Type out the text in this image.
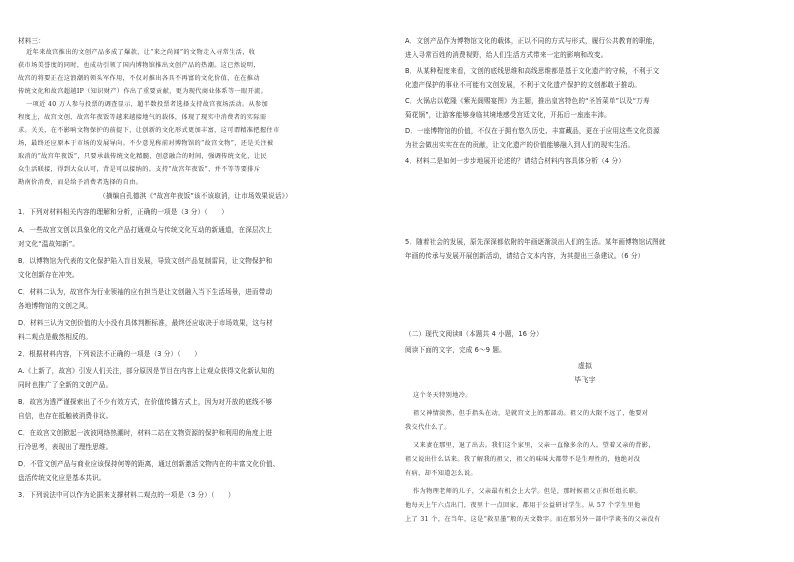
材料三：
近年来故宫推出的文创产品多成了爆款，让“来之尚闻”的文物走入寻常生活，收
获市场美誉度的同时，也成功引领了国内博物馆推出文创产品的热潮。这已然说明，
故宫的将要正在这浪潮的领头军作用，不仅对推出各具不再富的文化价值，在在推动
传统文化和故宫超越IP（知识财产）作出了重要贡献，更为现代商业体系等一眼开流。
一项近 40 万人参与投票的调查显示，超半数投票者选择支持故宫夜场活动。从参加
程度上，故宫文创、故宫年夜饭等越来越接地气的载体，体现了现实中消费者的实际需
求。关关，在不影响文物保护的前提下，让创新的文化形式更加丰富，这可谓精准把握住市
场，最终还应原本于市场的发展导向。不少意见称前对博物馆的“故宫文物”，还是关注被
取消的“故宫年夜饭”，只要承载传统文化精髓、创意融合的时间，强调传统文化，让民
众生活联接，得到大众认可，背是可以接纳的。支持“故宫年夜饭”，并不等等要排斥
勘南价消费，而是给予消费者选择的自由。
（摘编自孔德淇《“故宫年夜饭”该不该取消，让市场效果说话》）
1．下列对材料相关内容的理解和分析，正确的一项是（3 分）（　　）
A．一些故宫文创以具象化的文化产品打通观众与传统文化互动的新通道，在深层次上
对文化“温故知新”。
B．以博物馆为代表的文化保护陷入盲目发展，导致文创产品复制雷同，让文物保护和
文化创新存在冲突。
C．材料二认为，故宫作为行业领袖的应有担当是让文创融入当下生活场景，进而带动
各地博物馆的文创之风。
D．材料三认为文创价值的大小没有具体判断标准，最终还应取决于市场效果，这与材
料二观点是截然相反的。
2．根据材料内容，下列说法不正确的一项是（3 分）（　　）
A.《上新了，故宫》引发人们关注，部分原因是节目在内容上让观众获得文化新认知的
同时也推广了全新的文创产品。
B．故宫为透严谨探索出了不少有效方式，在价值传播方式上，因为对开放的底线不够
自信，也存在抵触被消费非议。
C．在故宫文创掀起一波波网络热潮时，材料二站在文物资源的保护和利用的角度上进
行冷思考，表现出了理性思维。
D．不管文创产品与商业应该保持何等的距离，通过创新激活文物内在的丰富文化价值、
盘活传统文化应是基本共识。
3．下列说法中可以作为论据来支撑材料二观点的一项是（3 分）（　　）
A．文创产品作为博物馆文化的载体，正以不同的方式与形式，履行公共教育的职能，
进入寻常百姓的消费视野，给人们生活方式带来一定的影响和改变。
B．从某种程度来看，文创的底线思维和高线思维都是基于文化遗产的守候，不利于文
化遗产保护的事业不可能有文创发展，不利于文化遗产保护的文创都敢于推动。
C．火锅店以乾隆《紫光阁赐宴图》为主题，推出皇宫特色的“圣旨菜单”以及“万寿
菊花锅”，让游客能够身临其境地感受宫廷文化，开拓后一座座丰沛。
D．一座博物馆的价值，不仅在于拥有悠久历史、丰富藏品，更在于应用这些文化资源
为社会做出实实在在的贡献，让文化遗产的价值能够融入到人们的现实生活。
4．材料二是如何一步步地展开论述的？请结合材料内容具体分析（4 分）
5．随着社会的发展，原先深深都依附的年画逐渐淡出人们的生活。某年画博物馆试图就
年画的传承与发展开展创新活动，请结合文本内容，为其提出三条建议。（6 分）
（二）现代文阅读Ⅱ（本题共 4 小题，16 分）
阅读下面的文字，完成 6～9 题。
虚拟
毕飞宇
这个冬天特别地冷。
祖父神情淡然，但手指头在动，是就宫文上的那部动。祖父的大限不远了，他要对
我交代什么了。
又来妻在那里，退了出去。我们这个家里，父亲一直像多余的人。望着又亲的背影，
祖父说出什么话来。我了解我的祖父，祖父的味味大都带不是生理性的，他绝对没
有病，却不知道怎么说。
作为物理老师的儿子，父亲最有机会上大学。但是，那时候祖父正担任组长职。
他每天上午六点出门，夜里十一点回家，都用于公益研讨学生。从 57 个学生里他
上了 31 个，在当年，这是“救星墨”般的天文数字。而在那另外一部中学谈书的父亲没有
